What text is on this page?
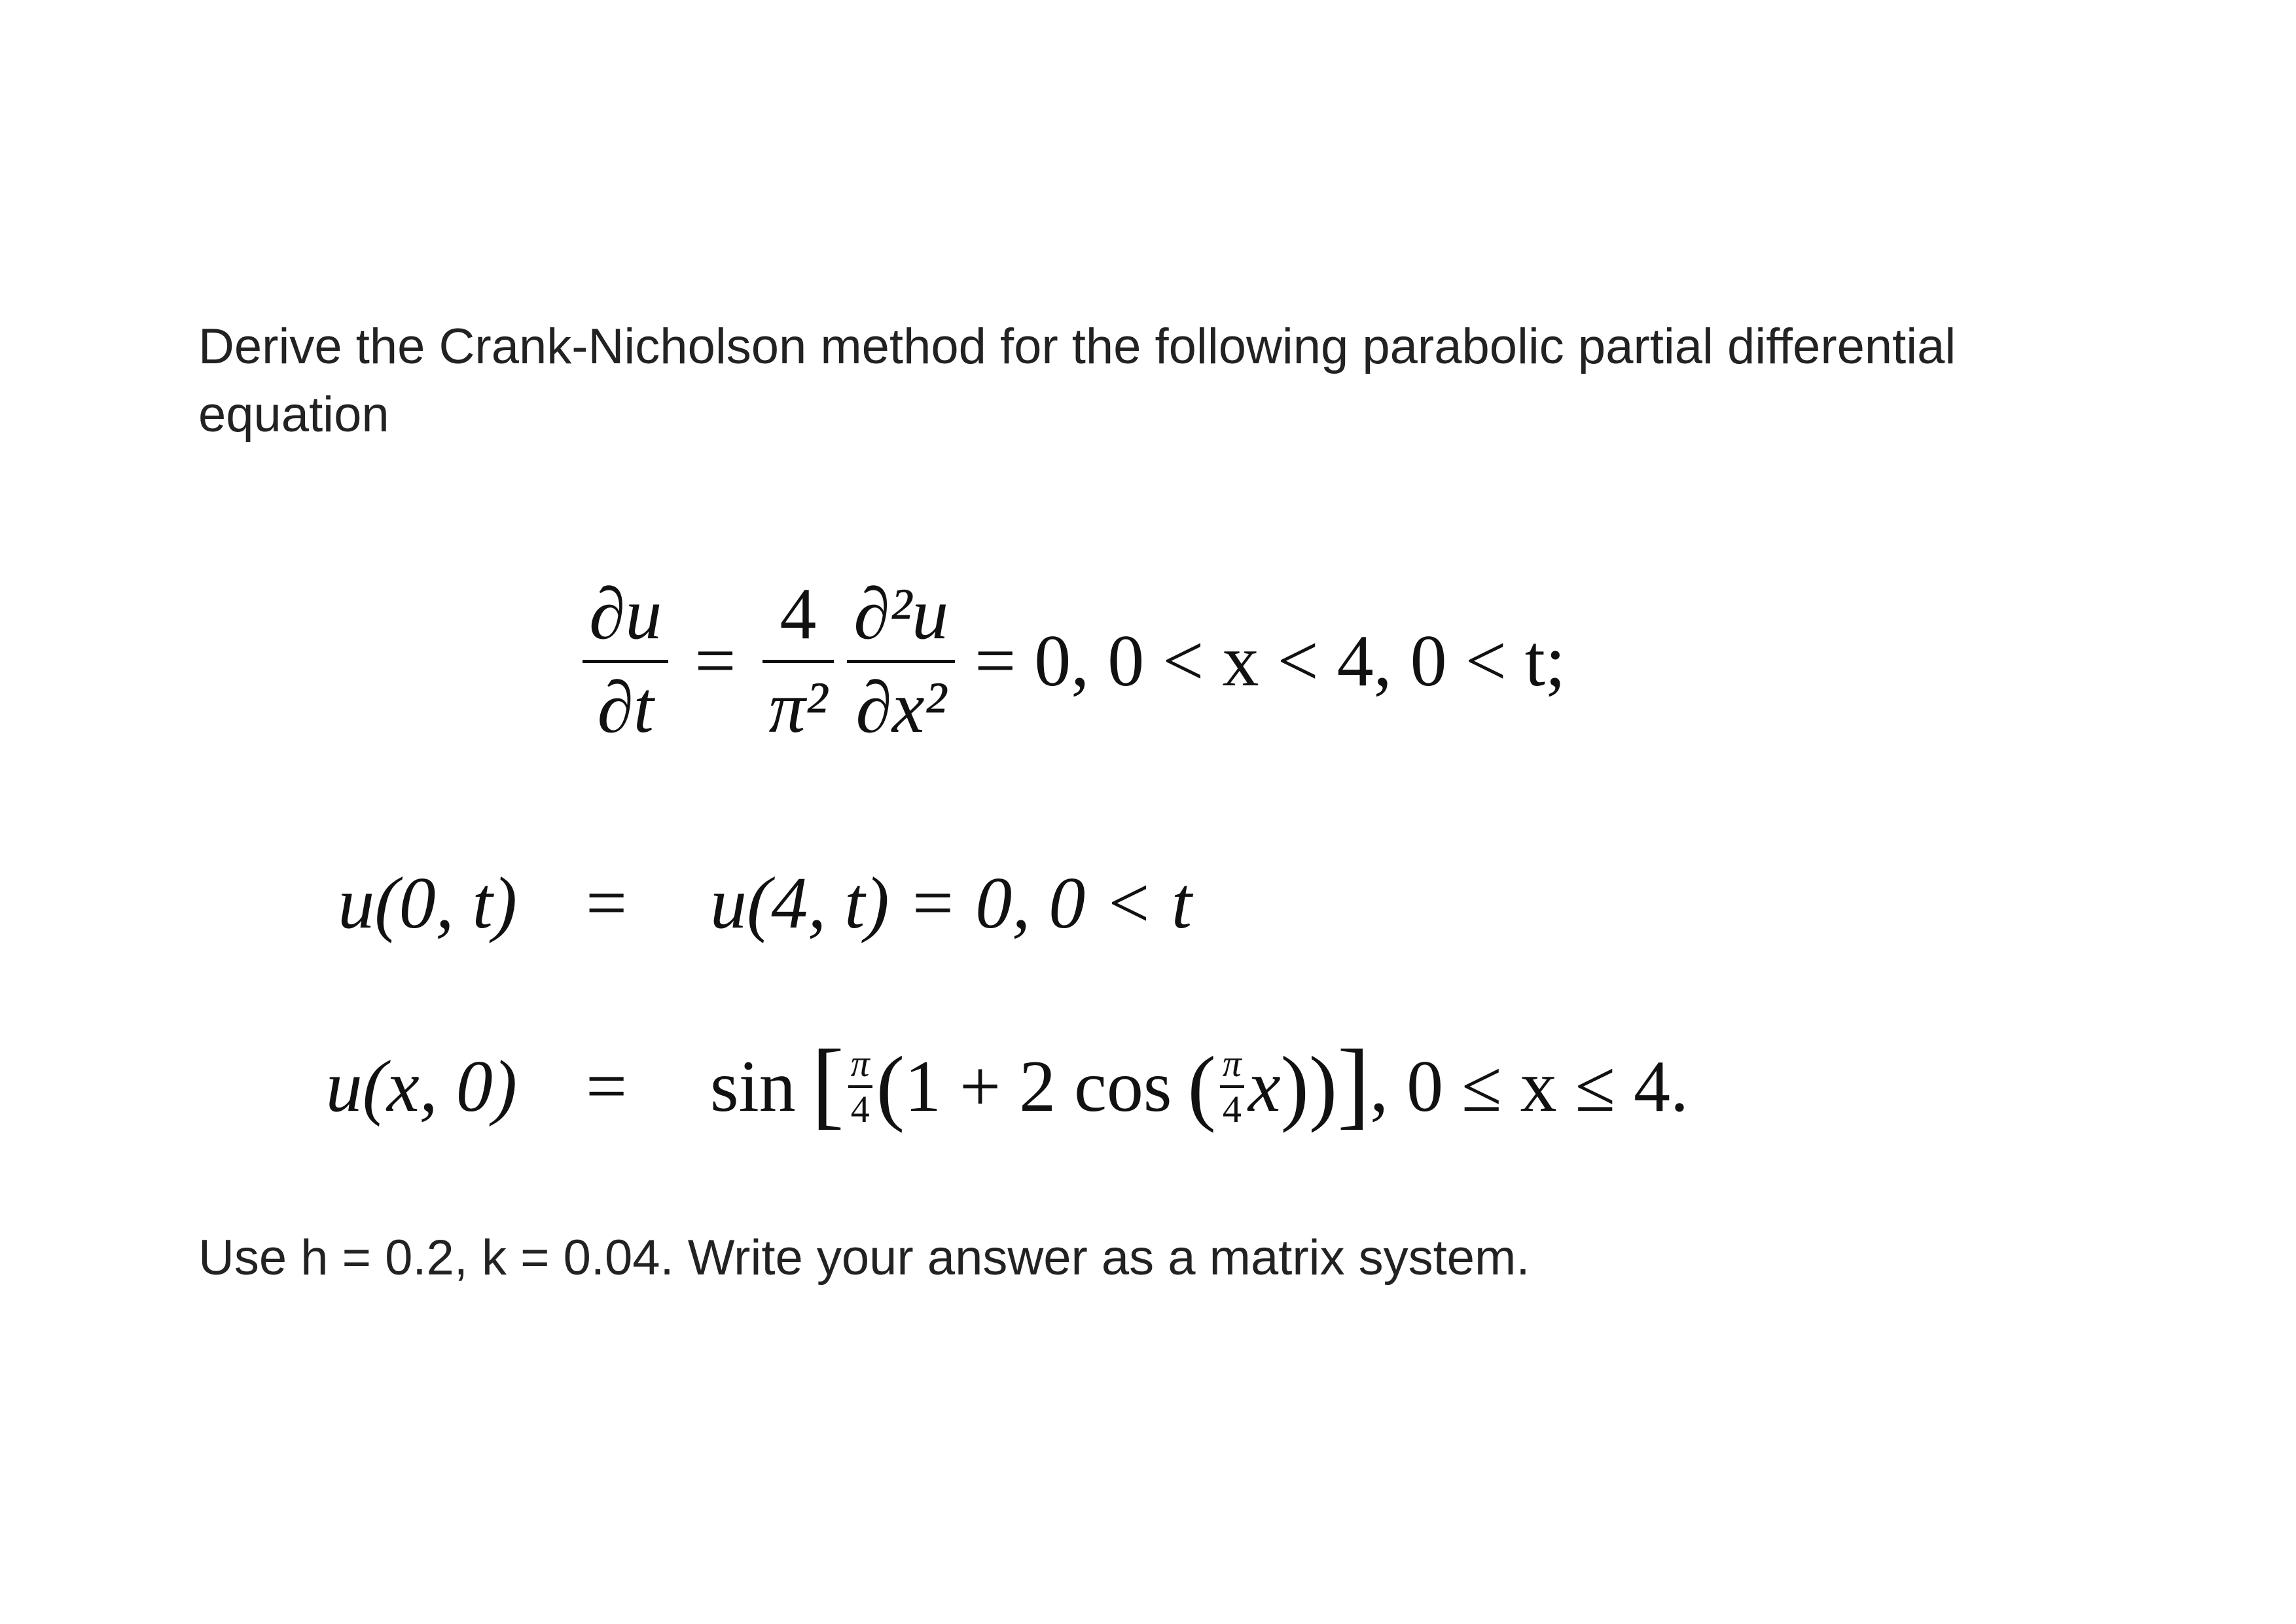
Derive the Crank-Nicholson method for the following parabolic partial differential equation

∂u
∂t
=
4
π²
∂²u
∂x²
= 0, 0 < x < 4, 0 < t;
u(0, t) = u(4, t) = 0, 0 < t
u(x, 0) = sin [ $\frac{\pi}{4}$ ( 1 + 2 cos ( $\frac{\pi}{4}$ x ) ) ] , 0 ≤ x ≤ 4.

Use h = 0.2, k = 0.04. Write your answer as a matrix system.
